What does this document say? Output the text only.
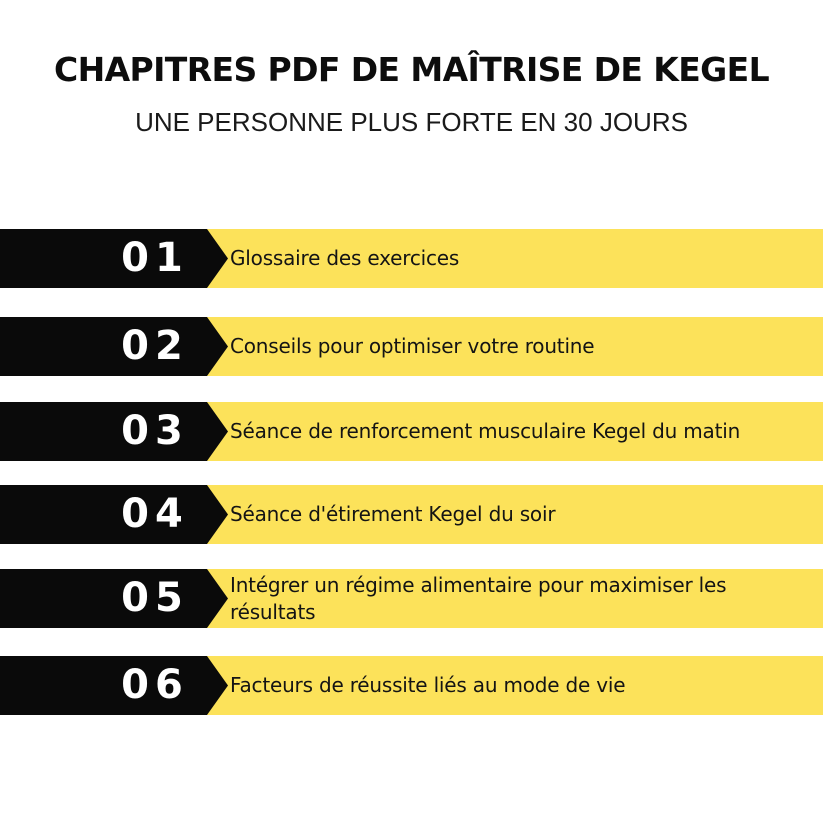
CHAPITRES PDF DE MAÎTRISE DE KEGEL
UNE PERSONNE PLUS FORTE EN 30 JOURS
01	Glossaire des exercices
02	Conseils pour optimiser votre routine
03	Séance de renforcement musculaire Kegel du matin
04	Séance d'étirement Kegel du soir
05	Intégrer un régime alimentaire pour maximiser les résultats
06	Facteurs de réussite liés au mode de vie
